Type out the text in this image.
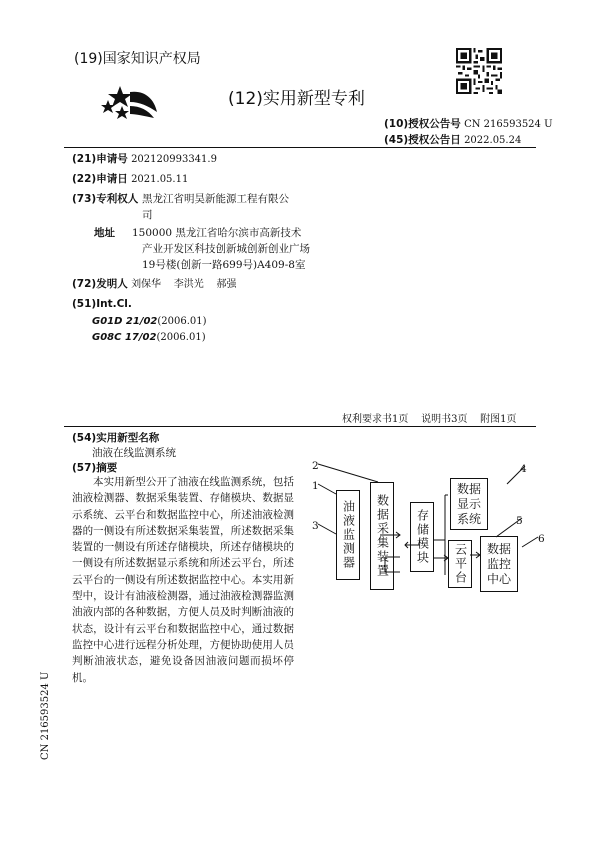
(19)国家知识产权局
(12)实用新型专利
(10)授权公告号 CN 216593524 U
(45)授权公告日 2022.05.24
(21)申请号 202120993341.9
(22)申请日 2021.05.11
(73)专利权人 黑龙江省明昊新能源工程有限公
司
地址 150000 黑龙江省哈尔滨市高新技术
产业开发区科技创新城创新创业广场
19号楼(创新一路699号)A409-8室
(72)发明人 刘保华    李洪光    郝强
(51)Int.Cl.
G01D 21/02(2006.01)
G08C 17/02(2006.01)
权利要求书1页    说明书3页    附图1页
(54)实用新型名称
油液在线监测系统
(57)摘要

本实用新型公开了油液在线监测系统，包括油液检测器、数据采集装置、存储模块、数据显示系统、云平台和数据监控中心，所述油液检测器的一侧设有所述数据采集装置，所述数据采集装置的一侧设有所述存储模块，所述存储模块的一侧设有所述数据显示系统和所述云平台，所述云平台的一侧设有所述数据监控中心。本实用新型中，设计有油液检测器，通过油液检测器监测油液内部的各种数据，方便人员及时判断油液的状态，设计有云平台和数据监控中心，通过数据监控中心进行远程分析处理，方便协助使用人员判断油液状态，避免设备因油液问题而损坏停机。

2
1
3
4
5
6
油液监测器	数据采集装置	存储模块
数据显示系统
云平台	数据监控中心
CN 216593524 U
